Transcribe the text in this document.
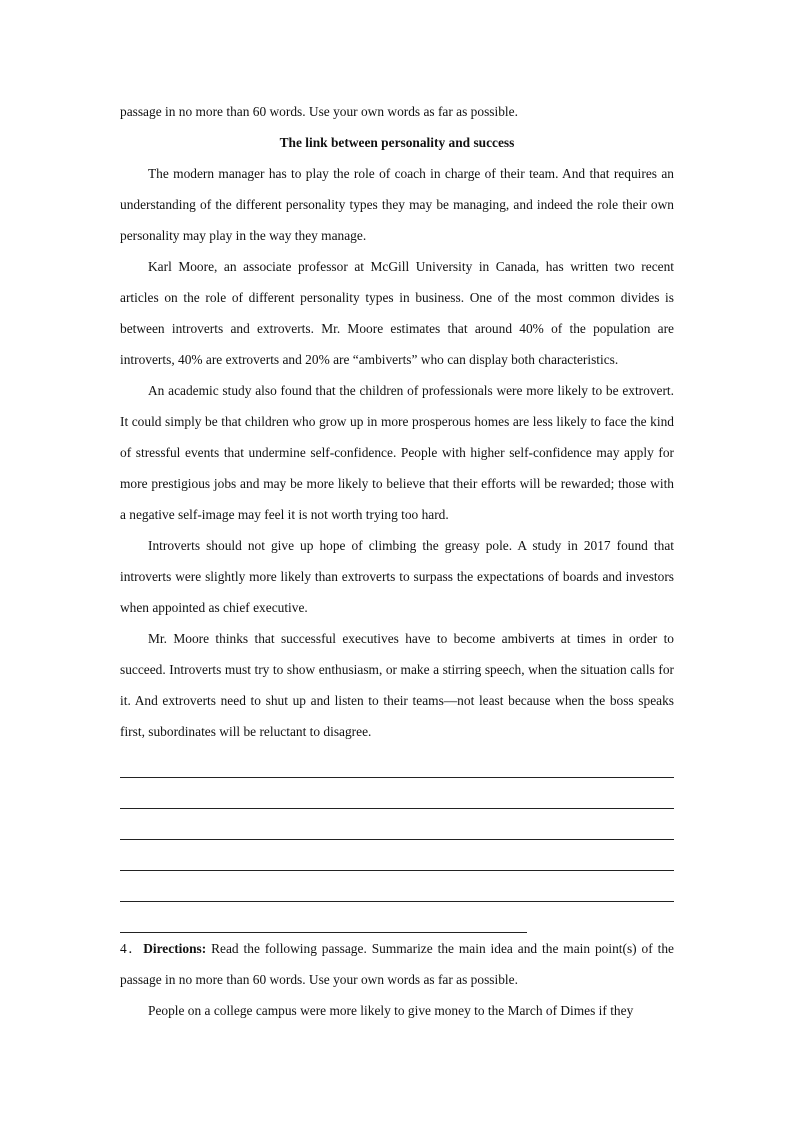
passage in no more than 60 words. Use your own words as far as possible.

The link between personality and success

The modern manager has to play the role of coach in charge of their team. And that requires an understanding of the different personality types they may be managing, and indeed the role their own personality may play in the way they manage.

Karl Moore, an associate professor at McGill University in Canada, has written two recent articles on the role of different personality types in business. One of the most common divides is between introverts and extroverts. Mr. Moore estimates that around 40% of the population are introverts, 40% are extroverts and 20% are “ambiverts” who can display both characteristics.

An academic study also found that the children of professionals were more likely to be extrovert. It could simply be that children who grow up in more prosperous homes are less likely to face the kind of stressful events that undermine self-confidence. People with higher self-confidence may apply for more prestigious jobs and may be more likely to believe that their efforts will be rewarded; those with a negative self-image may feel it is not worth trying too hard.

Introverts should not give up hope of climbing the greasy pole. A study in 2017 found that introverts were slightly more likely than extroverts to surpass the expectations of boards and investors when appointed as chief executive.

Mr. Moore thinks that successful executives have to become ambiverts at times in order to succeed. Introverts must try to show enthusiasm, or make a stirring speech, when the situation calls for it. And extroverts need to shut up and listen to their teams—not least because when the boss speaks first, subordinates will be reluctant to disagree.

4．Directions: Read the following passage. Summarize the main idea and the main point(s) of the passage in no more than 60 words. Use your own words as far as possible.

People on a college campus were more likely to give money to the March of Dimes if they
